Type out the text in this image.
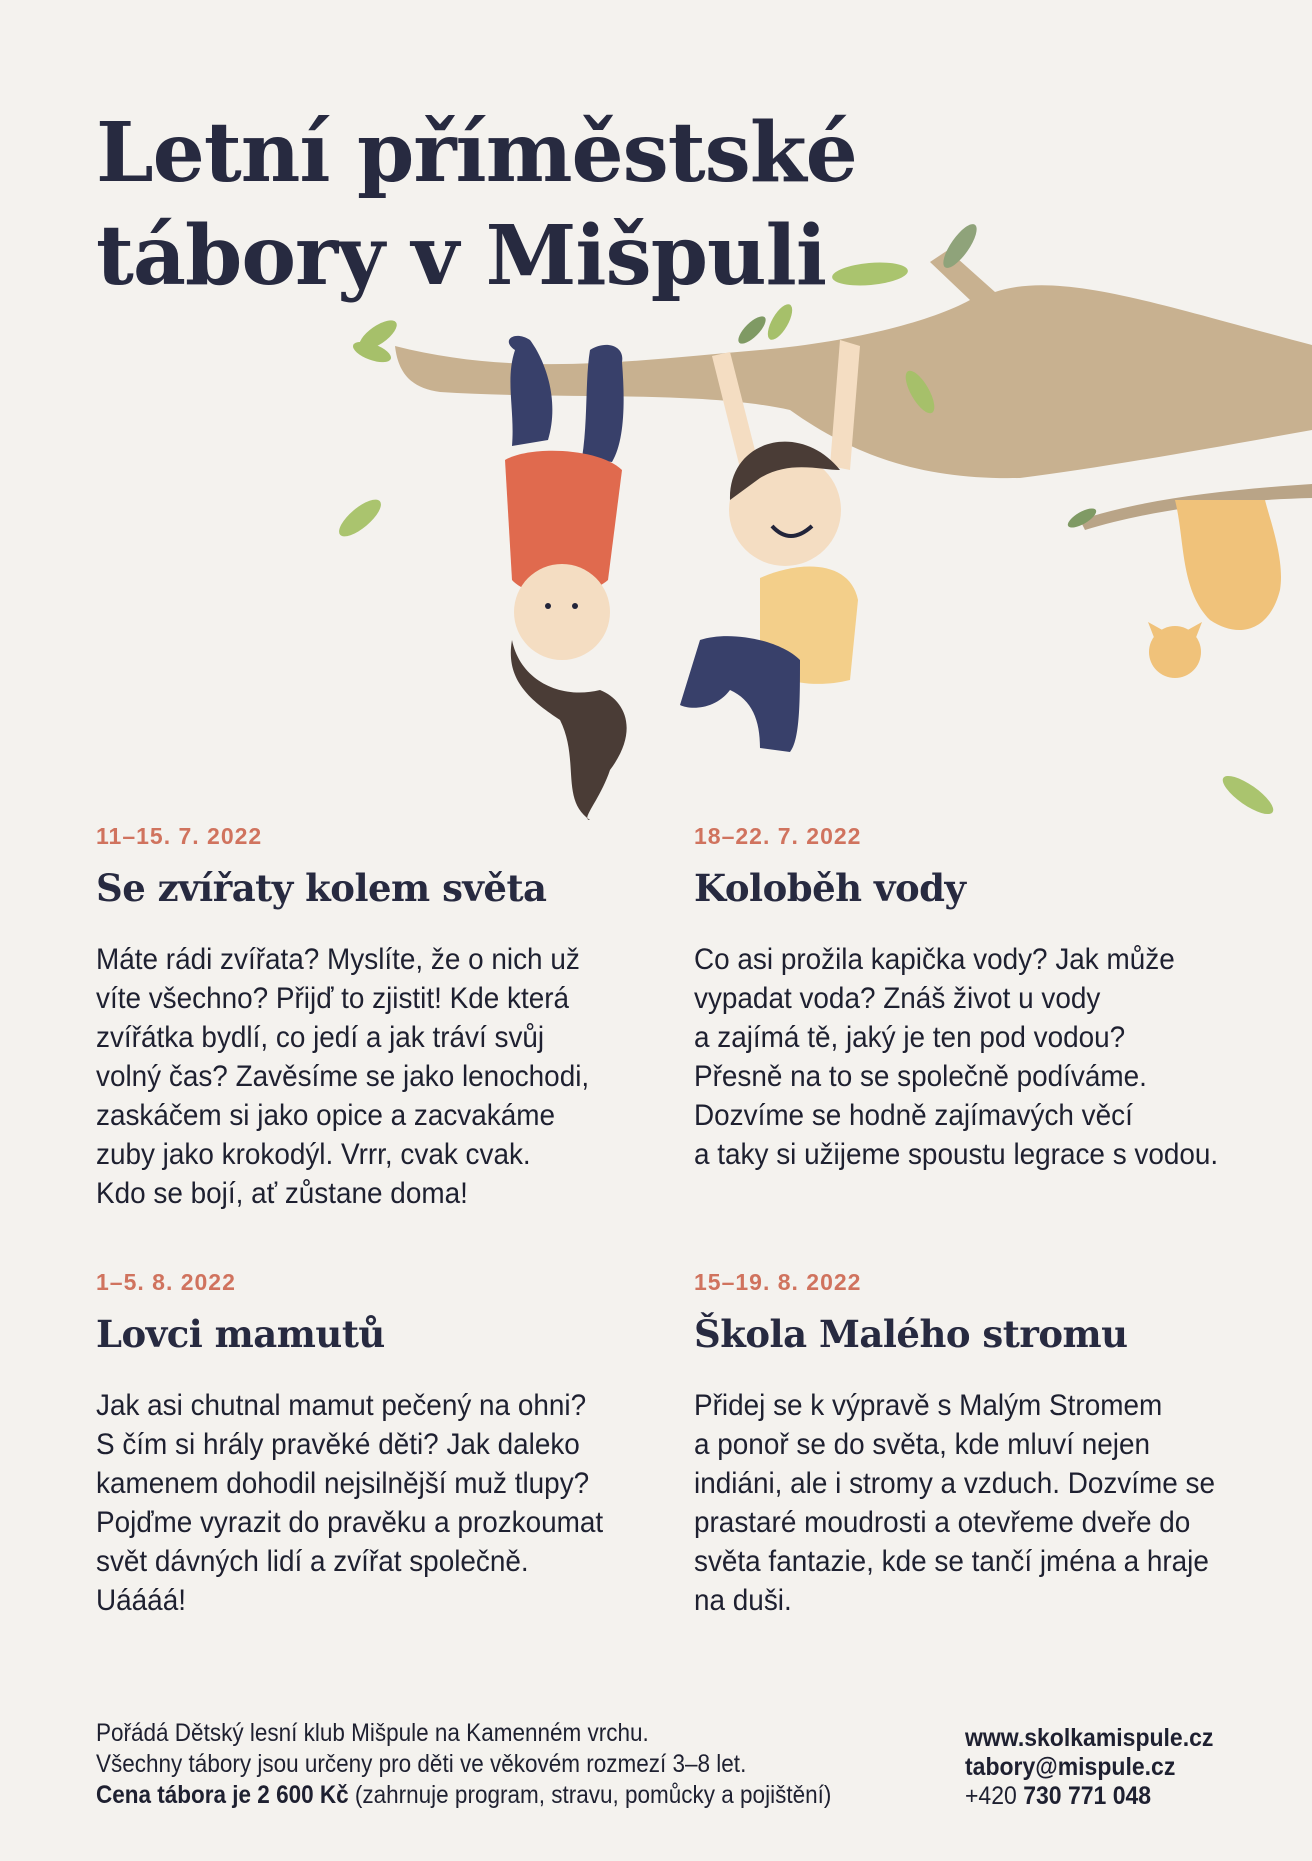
Letní příměstské
tábory v Mišpuli

11–15. 7. 2022

Se zvířaty kolem světa
Máte rádi zvířata? Myslíte, že o nich už
víte všechno? Přijď to zjistit! Kde která
zvířátka bydlí, co jedí a jak tráví svůj
volný čas? Zavěsíme se jako lenochodi,
zaskáčem si jako opice a zacvakáme
zuby jako krokodýl. Vrrr, cvak cvak.
Kdo se bojí, ať zůstane doma!

18–22. 7. 2022

Koloběh vody
Co asi prožila kapička vody? Jak může
vypadat voda? Znáš život u vody
a zajímá tě, jaký je ten pod vodou?
Přesně na to se společně podíváme.
Dozvíme se hodně zajímavých věcí
a taky si užijeme spoustu legrace s vodou.

1–5. 8. 2022

Lovci mamutů
Jak asi chutnal mamut pečený na ohni?
S čím si hrály pravěké děti? Jak daleko
kamenem dohodil nejsilnější muž tlupy?
Pojďme vyrazit do pravěku a prozkoumat
svět dávných lidí a zvířat společně.
Uáááá!

15–19. 8. 2022

Škola Malého stromu
Přidej se k výpravě s Malým Stromem
a ponoř se do světa, kde mluví nejen
indiáni, ale i stromy a vzduch. Dozvíme se
prastaré moudrosti a otevřeme dveře do
světa fantazie, kde se tančí jména a hraje
na duši.
Pořádá Dětský lesní klub Mišpule na Kamenném vrchu.
Všechny tábory jsou určeny pro děti ve věkovém rozmezí 3–8 let.
Cena tábora je 2 600 Kč (zahrnuje program, stravu, pomůcky a pojištění)
www.skolkamispule.cz
tabory@mispule.cz
+420 730 771 048
